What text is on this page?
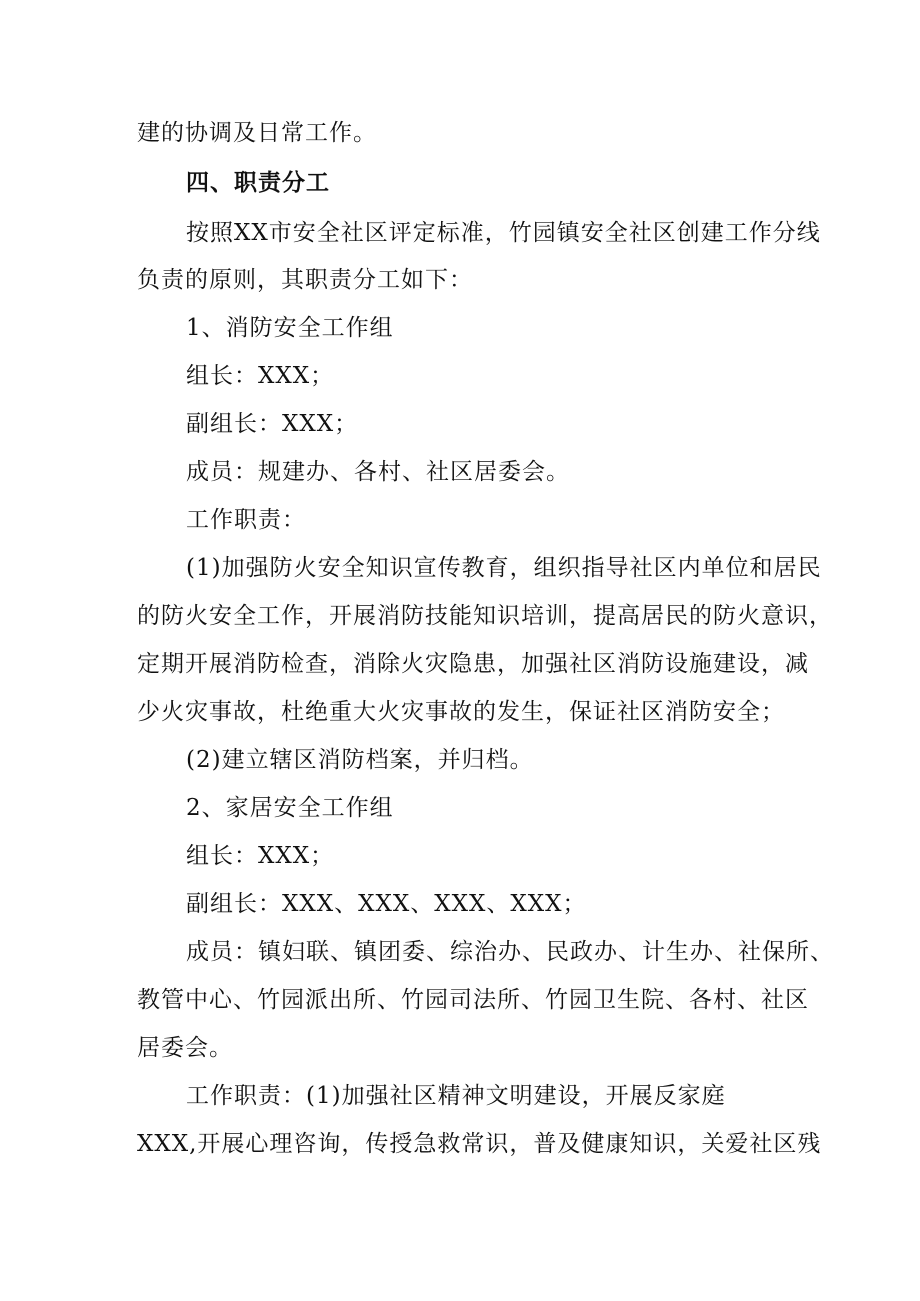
建的协调及日常工作。
四、职责分工
按照XX市安全社区评定标准，竹园镇安全社区创建工作分线
负责的原则，其职责分工如下：
1、消防安全工作组
组长：XXX；
副组长：XXX；
成员：规建办、各村、社区居委会。
工作职责：
(1)加强防火安全知识宣传教育，组织指导社区内单位和居民
的防火安全工作，开展消防技能知识培训，提高居民的防火意识，
定期开展消防检查，消除火灾隐患，加强社区消防设施建设，减
少火灾事故，杜绝重大火灾事故的发生，保证社区消防安全；
(2)建立辖区消防档案，并归档。
2、家居安全工作组
组长：XXX；
副组长：XXX、XXX、XXX、XXX；
成员：镇妇联、镇团委、综治办、民政办、计生办、社保所、
教管中心、竹园派出所、竹园司法所、竹园卫生院、各村、社区
居委会。
工作职责：(1)加强社区精神文明建设，开展反家庭
XXX,开展心理咨询，传授急救常识，普及健康知识，关爱社区残
